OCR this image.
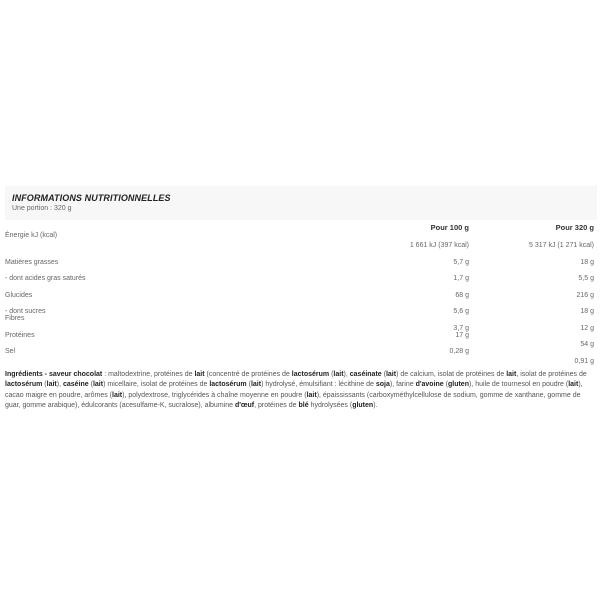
INFORMATIONS NUTRITIONNELLES
Une portion : 320 g
	Pour 100 g	Pour 320 g
Énergie kJ (kcal)	1 661 kJ (397 kcal)	5 317 kJ (1 271 kcal)
Matières grasses	5,7 g	18 g
- dont acides gras saturés	1,7 g	5,5 g
Glucides	68 g	216 g
- dont sucres	5,6 g	18 g
Fibres	3,7 g	12 g
Protéines	17 g	54 g
Sel	0,28 g	0,91 g
Ingrédients - saveur chocolat : maltodextrine, protéines de lait (concentré de protéines de lactosérum (lait), caséinate (lait) de calcium, isolat de protéines de lait, isolat de protéines de lactosérum (lait), caséine (lait) micellaire, isolat de protéines de lactosérum (lait) hydrolysé, émulsifiant : lécithine de soja), farine d'avoine (gluten), huile de tournesol en poudre (lait), cacao maigre en poudre, arômes (lait), polydextrose, triglycérides à chaîne moyenne en poudre (lait), épaississants (carboxyméthylcellulose de sodium, gomme de xanthane, gomme de guar, gomme arabique), édulcorants (acesulfame-K, sucralose), albumine d'œuf, protéines de blé hydrolysées (gluten).
